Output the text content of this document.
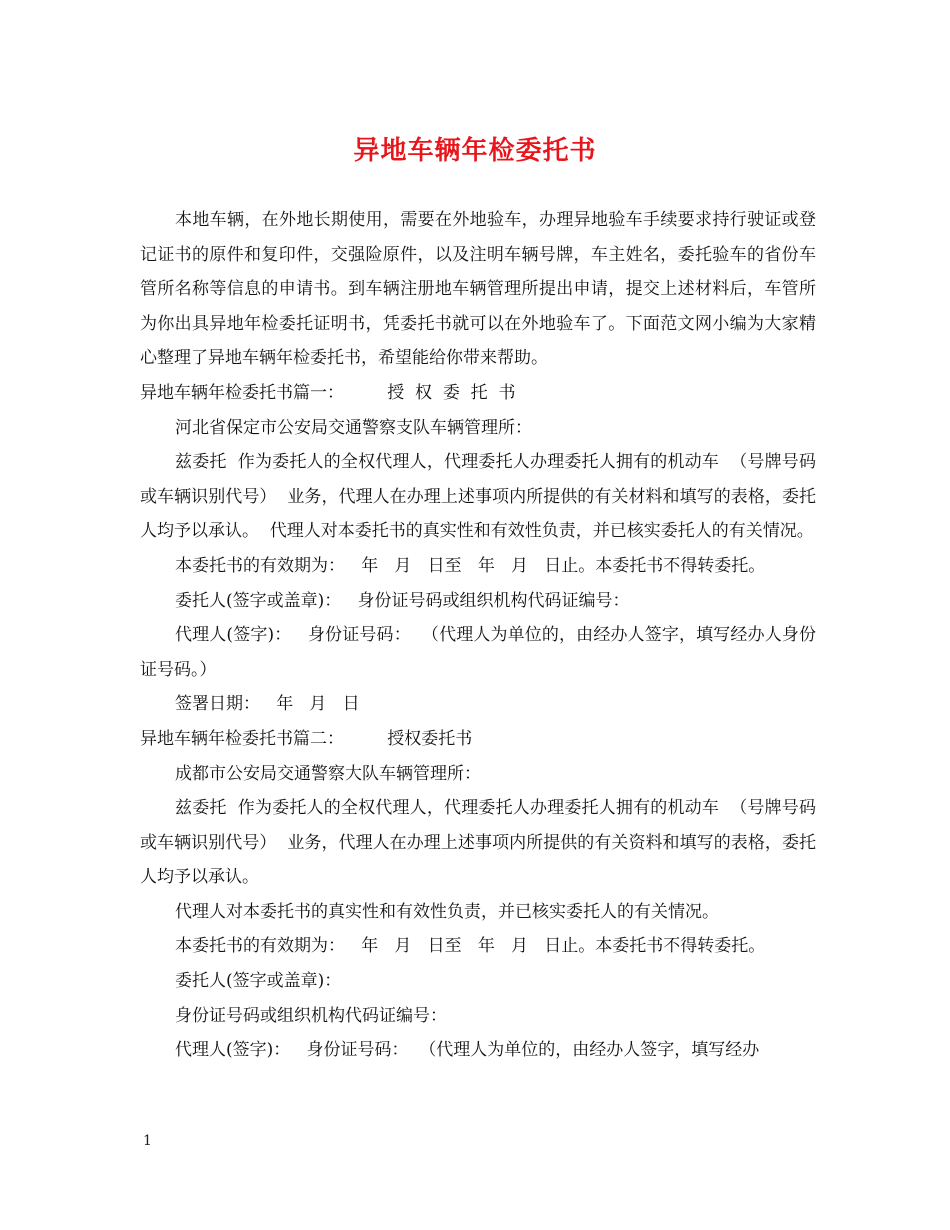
异地车辆年检委托书

本地车辆，在外地长期使用，需要在外地验车，办理异地验车手续要求持行驶证或登记证书的原件和复印件，交强险原件，以及注明车辆号牌，车主姓名，委托验车的省份车管所名称等信息的申请书。到车辆注册地车辆管理所提出申请，提交上述材料后，车管所为你出具异地年检委托证明书，凭委托书就可以在外地验车了。下面范文网小编为大家精心整理了异地车辆年检委托书，希望能给你带来帮助。

异地车辆年检委托书篇一：        授  权  委  托  书

河北省保定市公安局交通警察支队车辆管理所：

兹委托  作为委托人的全权代理人，代理委托人办理委托人拥有的机动车  （号牌号码或车辆识别代号）  业务，代理人在办理上述事项内所提供的有关材料和填写的表格，委托人均予以承认。  代理人对本委托书的真实性和有效性负责，并已核实委托人的有关情况。

本委托书的有效期为：   年   月   日至   年   月   日止。本委托书不得转委托。

委托人(签字或盖章)：   身份证号码或组织机构代码证编号：

代理人(签字)：   身份证号码：  （代理人为单位的，由经办人签字，填写经办人身份证号码。）

签署日期：   年   月   日

异地车辆年检委托书篇二：        授权委托书

成都市公安局交通警察大队车辆管理所：

兹委托  作为委托人的全权代理人，代理委托人办理委托人拥有的机动车  （号牌号码或车辆识别代号）  业务，代理人在办理上述事项内所提供的有关资料和填写的表格，委托人均予以承认。

代理人对本委托书的真实性和有效性负责，并已核实委托人的有关情况。

本委托书的有效期为：   年   月   日至   年   月   日止。本委托书不得转委托。

委托人(签字或盖章)：

身份证号码或组织机构代码证编号：

代理人(签字)：   身份证号码：  （代理人为单位的，由经办人签字，填写经办

1
